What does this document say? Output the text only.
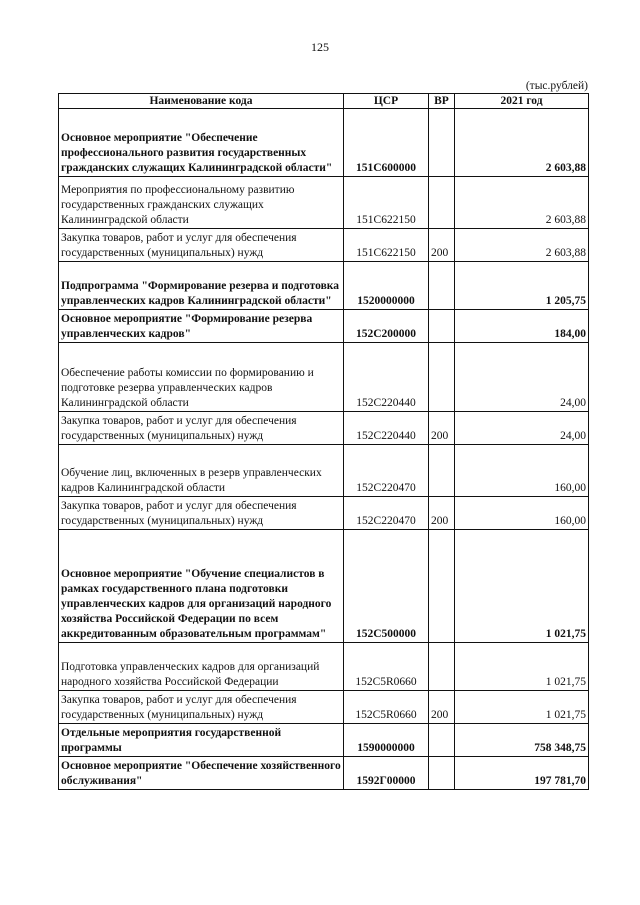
125
(тыс.рублей)
Наименование кода	ЦСР	ВР	2021 год
Основное мероприятие "Обеспечение профессионального развития государственных гражданских служащих Калининградской области"	151С600000		2 603,88
Мероприятия по профессиональному развитию государственных гражданских служащих Калининградской области	151С622150		2 603,88
Закупка товаров, работ и услуг для обеспечения государственных (муниципальных) нужд	151С622150	200	2 603,88
Подпрограмма "Формирование резерва и подготовка управленческих кадров Калининградской области"	1520000000		1 205,75
Основное мероприятие "Формирование резерва управленческих кадров"	152С200000		184,00
Обеспечение работы комиссии по формированию и подготовке резерва управленческих кадров Калининградской области	152С220440		24,00
Закупка товаров, работ и услуг для обеспечения государственных (муниципальных) нужд	152С220440	200	24,00
Обучение лиц, включенных в резерв управленческих кадров Калининградской области	152С220470		160,00
Закупка товаров, работ и услуг для обеспечения государственных (муниципальных) нужд	152С220470	200	160,00
Основное мероприятие "Обучение специалистов в рамках государственного плана подготовки управленческих кадров для организаций народного хозяйства Российской Федерации по всем аккредитованным образовательным программам"	152С500000		1 021,75
Подготовка управленческих кадров для организаций народного хозяйства Российской Федерации	152С5R0660		1 021,75
Закупка товаров, работ и услуг для обеспечения государственных (муниципальных) нужд	152С5R0660	200	1 021,75
Отдельные мероприятия государственной программы	1590000000		758 348,75
Основное мероприятие "Обеспечение хозяйственного обслуживания"	1592Г00000		197 781,70
